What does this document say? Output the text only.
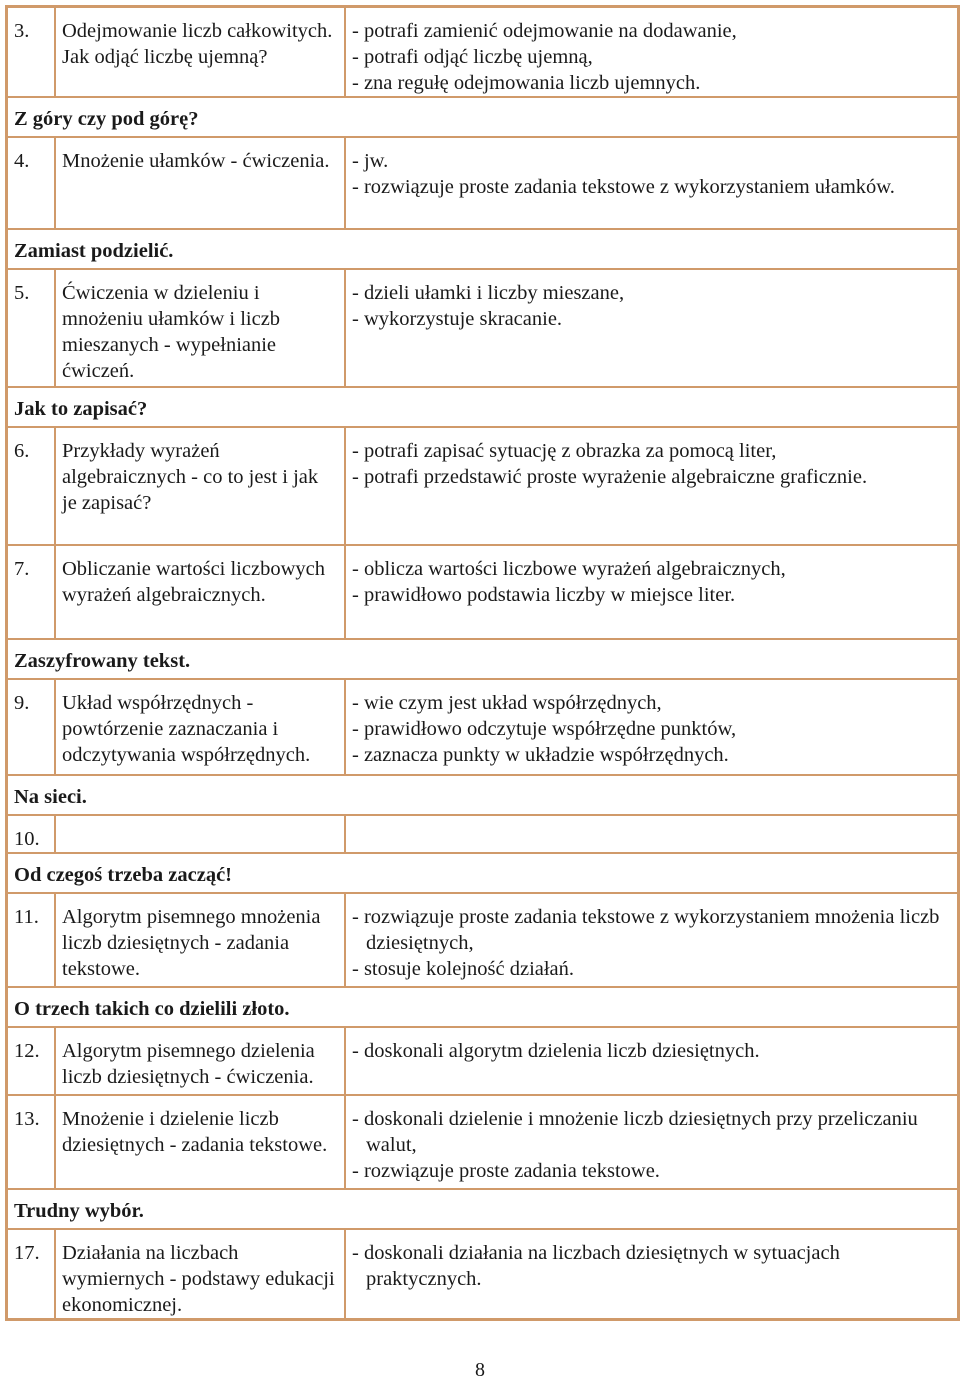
3.	Odejmowanie liczb całkowitych. Jak odjąć liczbę ujemną?	- potrafi zamienić odejmowanie na dodawanie,

- potrafi odjąć liczbę ujemną,

- zna regułę odejmowania liczb ujemnych.

Z góry czy pod górę?		
4.	Mnożenie ułamków - ćwiczenia.	- jw.

- rozwiązuje proste zadania tekstowe z wykorzystaniem ułamków.

Zamiast podzielić.		
5.	Ćwiczenia w dzieleniu i mnożeniu ułamków i liczb mieszanych - wypełnianie ćwiczeń.	- dzieli ułamki i liczby mieszane,

- wykorzystuje skracanie.

Jak to zapisać?		
6.	Przykłady wyrażeń algebraicznych - co to jest i jak je zapisać?	- potrafi zapisać sytuację z obrazka za pomocą liter,

- potrafi przedstawić proste wyrażenie algebraiczne graficznie.

7.	Obliczanie wartości liczbowych wyrażeń algebraicznych.	- oblicza wartości liczbowe wyrażeń algebraicznych,

- prawidłowo podstawia liczby w miejsce liter.

Zaszyfrowany tekst.		
9.	Układ współrzędnych - powtórzenie zaznaczania i odczytywania współrzędnych.	- wie czym jest układ współrzędnych,

- prawidłowo odczytuje współrzędne punktów,

- zaznacza punkty w układzie współrzędnych.

Na sieci.		
10.		
Od czegoś trzeba zacząć!		
11.	Algorytm pisemnego mnożenia liczb dziesiętnych - zadania tekstowe.	- rozwiązuje proste zadania tekstowe z wykorzystaniem mnożenia liczb dziesiętnych,

- stosuje kolejność działań.

O trzech takich co dzielili złoto.		
12.	Algorytm pisemnego dzielenia liczb dziesiętnych - ćwiczenia.	- doskonali algorytm dzielenia liczb dziesiętnych.

13.	Mnożenie i dzielenie liczb dziesiętnych - zadania tekstowe.	- doskonali dzielenie i mnożenie liczb dziesiętnych przy przeliczaniu walut,

- rozwiązuje proste zadania tekstowe.

Trudny wybór.		
17.	Działania na liczbach wymiernych - podstawy edukacji ekonomicznej.	- doskonali działania na liczbach dziesiętnych w sytuacjach praktycznych.

8
